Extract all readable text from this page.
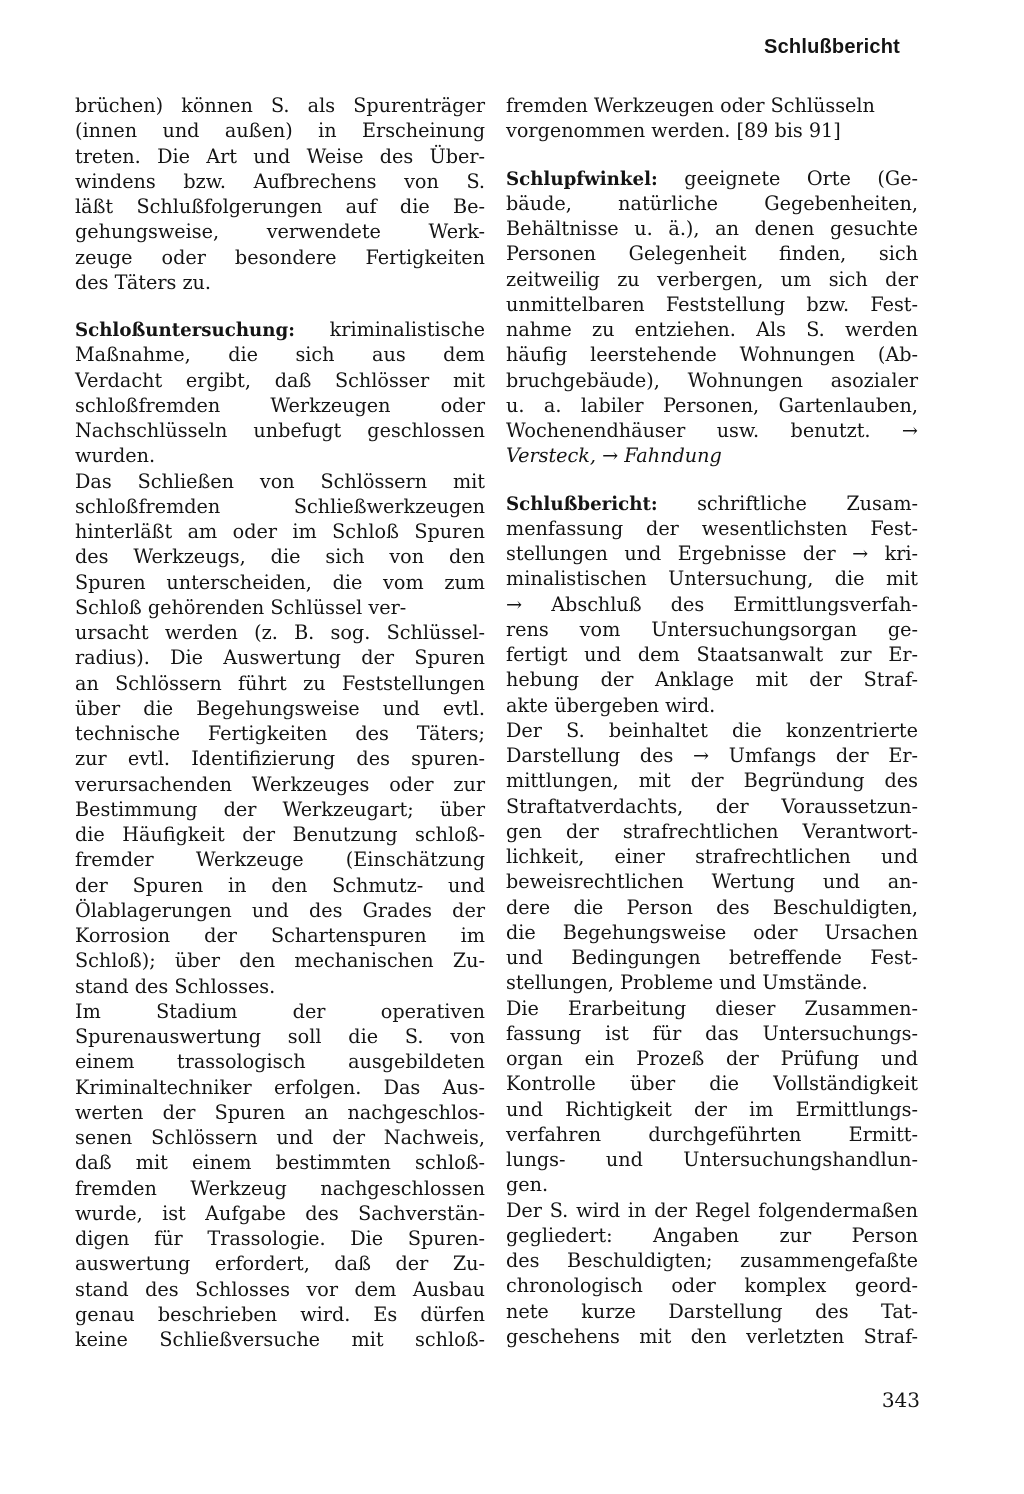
Schlußbericht
brüchen) können S. als Spurenträger
(innen und außen) in Erscheinung
treten. Die Art und Weise des Über-
windens bzw. Aufbrechens von S.
läßt Schlußfolgerungen auf die Be-
gehungsweise, verwendete Werk-
zeuge oder besondere Fertigkeiten
des Täters zu.
Schloßuntersuchung: kriminalistische
Maßnahme, die sich aus dem
Verdacht ergibt, daß Schlösser mit
schloßfremden Werkzeugen oder
Nachschlüsseln unbefugt geschlossen
wurden.
Das Schließen von Schlössern mit
schloßfremden Schließwerkzeugen
hinterläßt am oder im Schloß Spuren
des Werkzeugs, die sich von den
Spuren unterscheiden, die vom zum
Schloß gehörenden Schlüssel ver-
ursacht werden (z. B. sog. Schlüssel-
radius). Die Auswertung der Spuren
an Schlössern führt zu Feststellungen
über die Begehungsweise und evtl.
technische Fertigkeiten des Täters;
zur evtl. Identifizierung des spuren-
verursachenden Werkzeuges oder zur
Bestimmung der Werkzeugart; über
die Häufigkeit der Benutzung schloß-
fremder Werkzeuge (Einschätzung
der Spuren in den Schmutz- und
Ölablagerungen und des Grades der
Korrosion der Schartenspuren im
Schloß); über den mechanischen Zu-
stand des Schlosses.
Im Stadium der operativen
Spurenauswertung soll die S. von
einem trassologisch ausgebildeten
Kriminaltechniker erfolgen. Das Aus-
werten der Spuren an nachgeschlos-
senen Schlössern und der Nachweis,
daß mit einem bestimmten schloß-
fremden Werkzeug nachgeschlossen
wurde, ist Aufgabe des Sachverstän-
digen für Trassologie. Die Spuren-
auswertung erfordert, daß der Zu-
stand des Schlosses vor dem Ausbau
genau beschrieben wird. Es dürfen
keine Schließversuche mit schloß-
fremden Werkzeugen oder Schlüsseln
vorgenommen werden. [89 bis 91]
Schlupfwinkel: geeignete Orte (Ge-
bäude, natürliche Gegebenheiten,
Behältnisse u. ä.), an denen gesuchte
Personen Gelegenheit finden, sich
zeitweilig zu verbergen, um sich der
unmittelbaren Feststellung bzw. Fest-
nahme zu entziehen. Als S. werden
häufig leerstehende Wohnungen (Ab-
bruchgebäude), Wohnungen asozialer
u. a. labiler Personen, Gartenlauben,
Wochenendhäuser usw. benutzt. →
Versteck, → Fahndung
Schlußbericht: schriftliche Zusam-
menfassung der wesentlichsten Fest-
stellungen und Ergebnisse der → kri-
minalistischen Untersuchung, die mit
→ Abschluß des Ermittlungsverfah-
rens vom Untersuchungsorgan ge-
fertigt und dem Staatsanwalt zur Er-
hebung der Anklage mit der Straf-
akte übergeben wird.
Der S. beinhaltet die konzentrierte
Darstellung des → Umfangs der Er-
mittlungen, mit der Begründung des
Straftatverdachts, der Voraussetzun-
gen der strafrechtlichen Verantwort-
lichkeit, einer strafrechtlichen und
beweisrechtlichen Wertung und an-
dere die Person des Beschuldigten,
die Begehungsweise oder Ursachen
und Bedingungen betreffende Fest-
stellungen, Probleme und Umstände.
Die Erarbeitung dieser Zusammen-
fassung ist für das Untersuchungs-
organ ein Prozeß der Prüfung und
Kontrolle über die Vollständigkeit
und Richtigkeit der im Ermittlungs-
verfahren durchgeführten Ermitt-
lungs- und Untersuchungshandlun-
gen.
Der S. wird in der Regel folgendermaßen
gegliedert: Angaben zur Person
des Beschuldigten; zusammengefaßte
chronologisch oder komplex geord-
nete kurze Darstellung des Tat-
geschehens mit den verletzten Straf-
343
